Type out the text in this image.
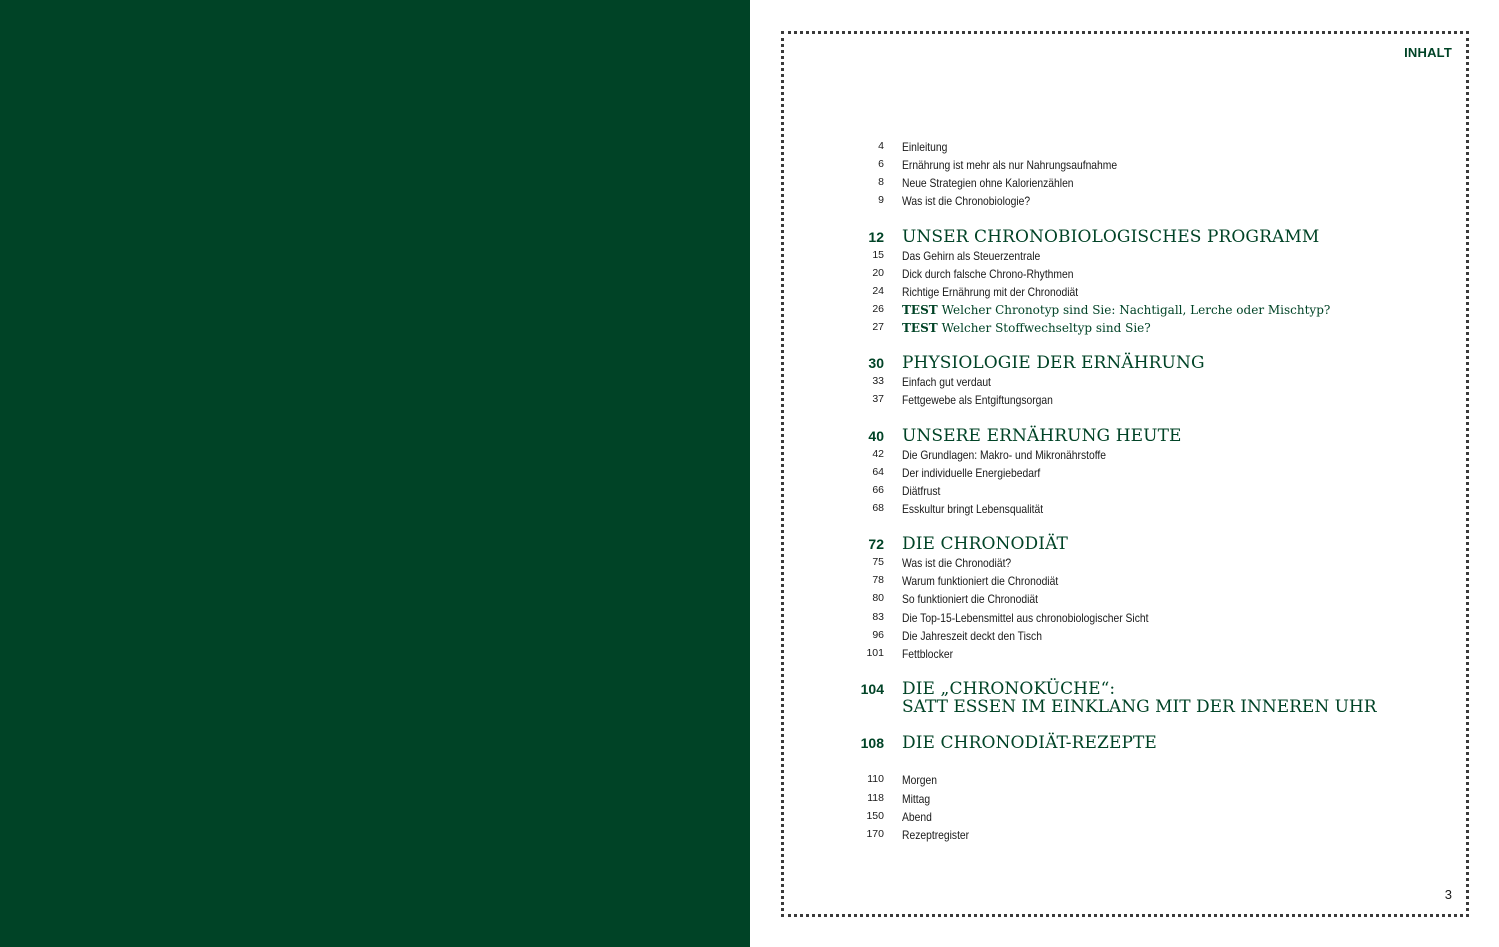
INHALT
4 Einleitung
6 Ernährung ist mehr als nur Nahrungsaufnahme
8 Neue Strategien ohne Kalorienzählen
9 Was ist die Chronobiologie?
12 UNSER CHRONOBIOLOGISCHES PROGRAMM
15 Das Gehirn als Steuerzentrale
20 Dick durch falsche Chrono-Rhythmen
24 Richtige Ernährung mit der Chronodiät
26 TEST Welcher Chronotyp sind Sie: Nachtigall, Lerche oder Mischtyp?
27 TEST Welcher Stoffwechseltyp sind Sie?
30 PHYSIOLOGIE DER ERNÄHRUNG
33 Einfach gut verdaut
37 Fettgewebe als Entgiftungsorgan
40 UNSERE ERNÄHRUNG HEUTE
42 Die Grundlagen: Makro- und Mikronährstoffe
64 Der individuelle Energiebedarf
66 Diätfrust
68 Esskultur bringt Lebensqualität
72 DIE CHRONODIÄT
75 Was ist die Chronodiät?
78 Warum funktioniert die Chronodiät
80 So funktioniert die Chronodiät
83 Die Top-15-Lebensmittel aus chronobiologischer Sicht
96 Die Jahreszeit deckt den Tisch
101 Fettblocker
104 DIE „CHRONOKÜCHE“:
SATT ESSEN IM EINKLANG MIT DER INNEREN UHR
108 DIE CHRONODIÄT-REZEPTE
110 Morgen
118 Mittag
150 Abend
170 Rezeptregister
3
